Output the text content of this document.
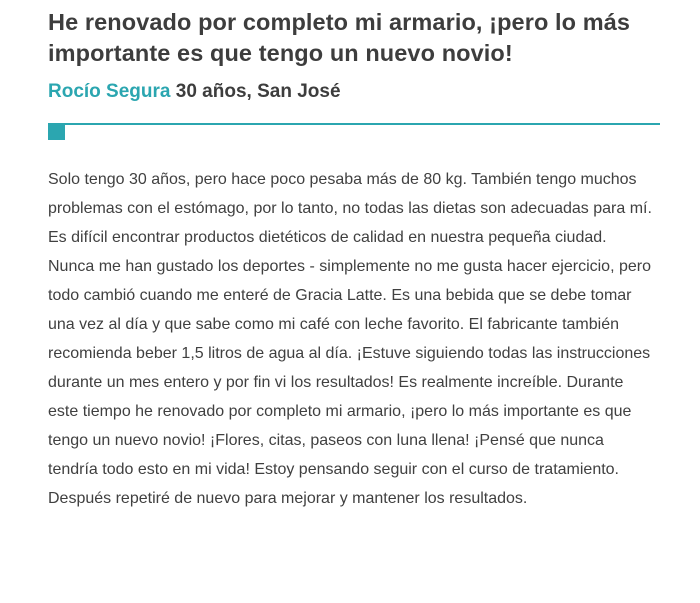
He renovado por completo mi armario, ¡pero lo más importante es que tengo un nuevo novio!

Rocío Segura 30 años, San José

Solo tengo 30 años, pero hace poco pesaba más de 80 kg. También tengo muchos problemas con el estómago, por lo tanto, no todas las dietas son adecuadas para mí. Es difícil encontrar productos dietéticos de calidad en nuestra pequeña ciudad. Nunca me han gustado los deportes - simplemente no me gusta hacer ejercicio, pero todo cambió cuando me enteré de Gracia Latte. Es una bebida que se debe tomar una vez al día y que sabe como mi café con leche favorito. El fabricante también recomienda beber 1,5 litros de agua al día. ¡Estuve siguiendo todas las instrucciones durante un mes entero y por fin vi los resultados! Es realmente increíble. Durante este tiempo he renovado por completo mi armario, ¡pero lo más importante es que tengo un nuevo novio! ¡Flores, citas, paseos con luna llena! ¡Pensé que nunca tendría todo esto en mi vida! Estoy pensando seguir con el curso de tratamiento. Después repetiré de nuevo para mejorar y mantener los resultados.
